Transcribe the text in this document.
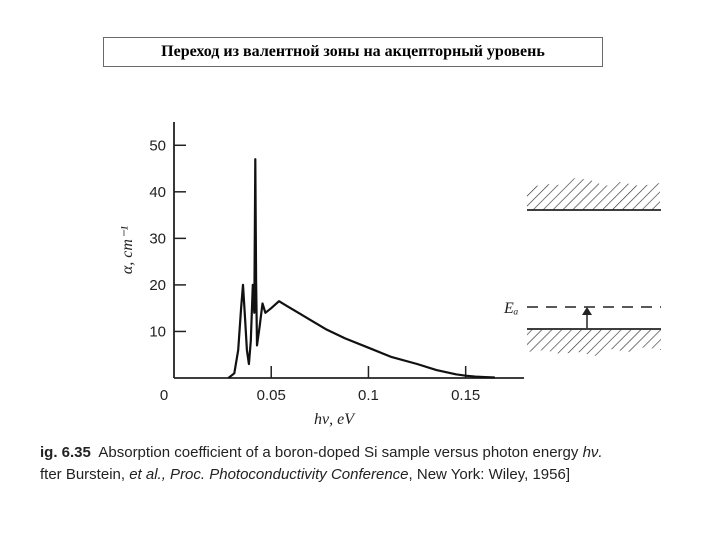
Переход из валентной зоны на акцепторный уровень
10
20
30
40
50
0	0.05	0.1	0.15
hν, eV
α, cm⁻¹
Eₐ
ig. 6.35 Absorption coefficient of a boron-doped Si sample versus photon energy hν.
fter Burstein, et al., Proc. Photoconductivity Conference, New York: Wiley, 1956]
